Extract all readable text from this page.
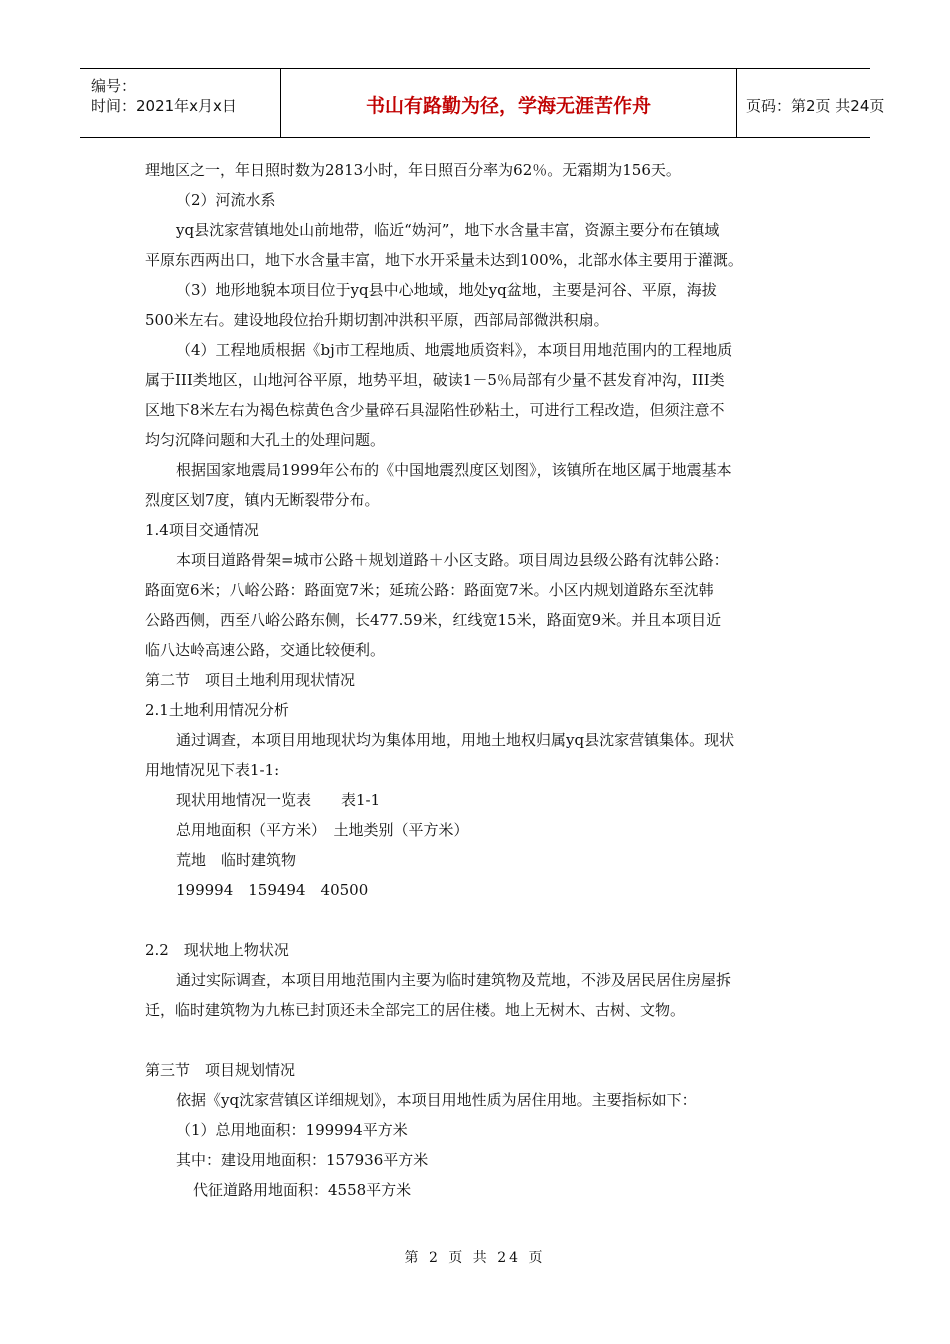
编号：
时间：2021年x月x日	书山有路勤为径，学海无涯苦作舟	页码：第2页 共24页
理地区之一，年日照时数为2813小时，年日照百分率为62％。无霜期为156天。
（2）河流水系
yq县沈家营镇地处山前地带，临近“妫河”，地下水含量丰富，资源主要分布在镇域
平原东西两出口，地下水含量丰富，地下水开采量未达到100%，北部水体主要用于灌溉。
（3）地形地貌本项目位于yq县中心地域，地处yq盆地，主要是河谷、平原，海拔
500米左右。建设地段位抬升期切割冲洪积平原，西部局部微洪积扇。
（4）工程地质根据《bj市工程地质、地震地质资料》，本项目用地范围内的工程地质
属于III类地区，山地河谷平原，地势平坦，破读1－5％局部有少量不甚发育冲沟，III类
区地下8米左右为褐色棕黄色含少量碎石具湿陷性砂粘土，可进行工程改造，但须注意不
均匀沉降问题和大孔土的处理问题。
根据国家地震局1999年公布的《中国地震烈度区划图》，该镇所在地区属于地震基本
烈度区划7度，镇内无断裂带分布。
1.4项目交通情况
本项目道路骨架=城市公路＋规划道路＋小区支路。项目周边县级公路有沈韩公路：
路面宽6米；八峪公路：路面宽7米；延琉公路：路面宽7米。小区内规划道路东至沈韩
公路西侧，西至八峪公路东侧，长477.59米，红线宽15米，路面宽9米。并且本项目近
临八达岭高速公路，交通比较便利。
第二节　项目土地利用现状情况
2.1土地利用情况分析
通过调查，本项目用地现状均为集体用地，用地土地权归属yq县沈家营镇集体。现状
用地情况见下表1-1:
现状用地情况一览表　　表1-1
总用地面积（平方米）　土地类别（平方米）
荒地　临时建筑物
199994　159494　40500
2.2　现状地上物状况
通过实际调查，本项目用地范围内主要为临时建筑物及荒地，不涉及居民居住房屋拆
迁，临时建筑物为九栋已封顶还未全部完工的居住楼。地上无树木、古树、文物。
第三节　项目规划情况
依据《yq沈家营镇区详细规划》，本项目用地性质为居住用地。主要指标如下：
（1）总用地面积：199994平方米
其中：建设用地面积：157936平方米
代征道路用地面积：4558平方米
第 2 页 共 24 页
